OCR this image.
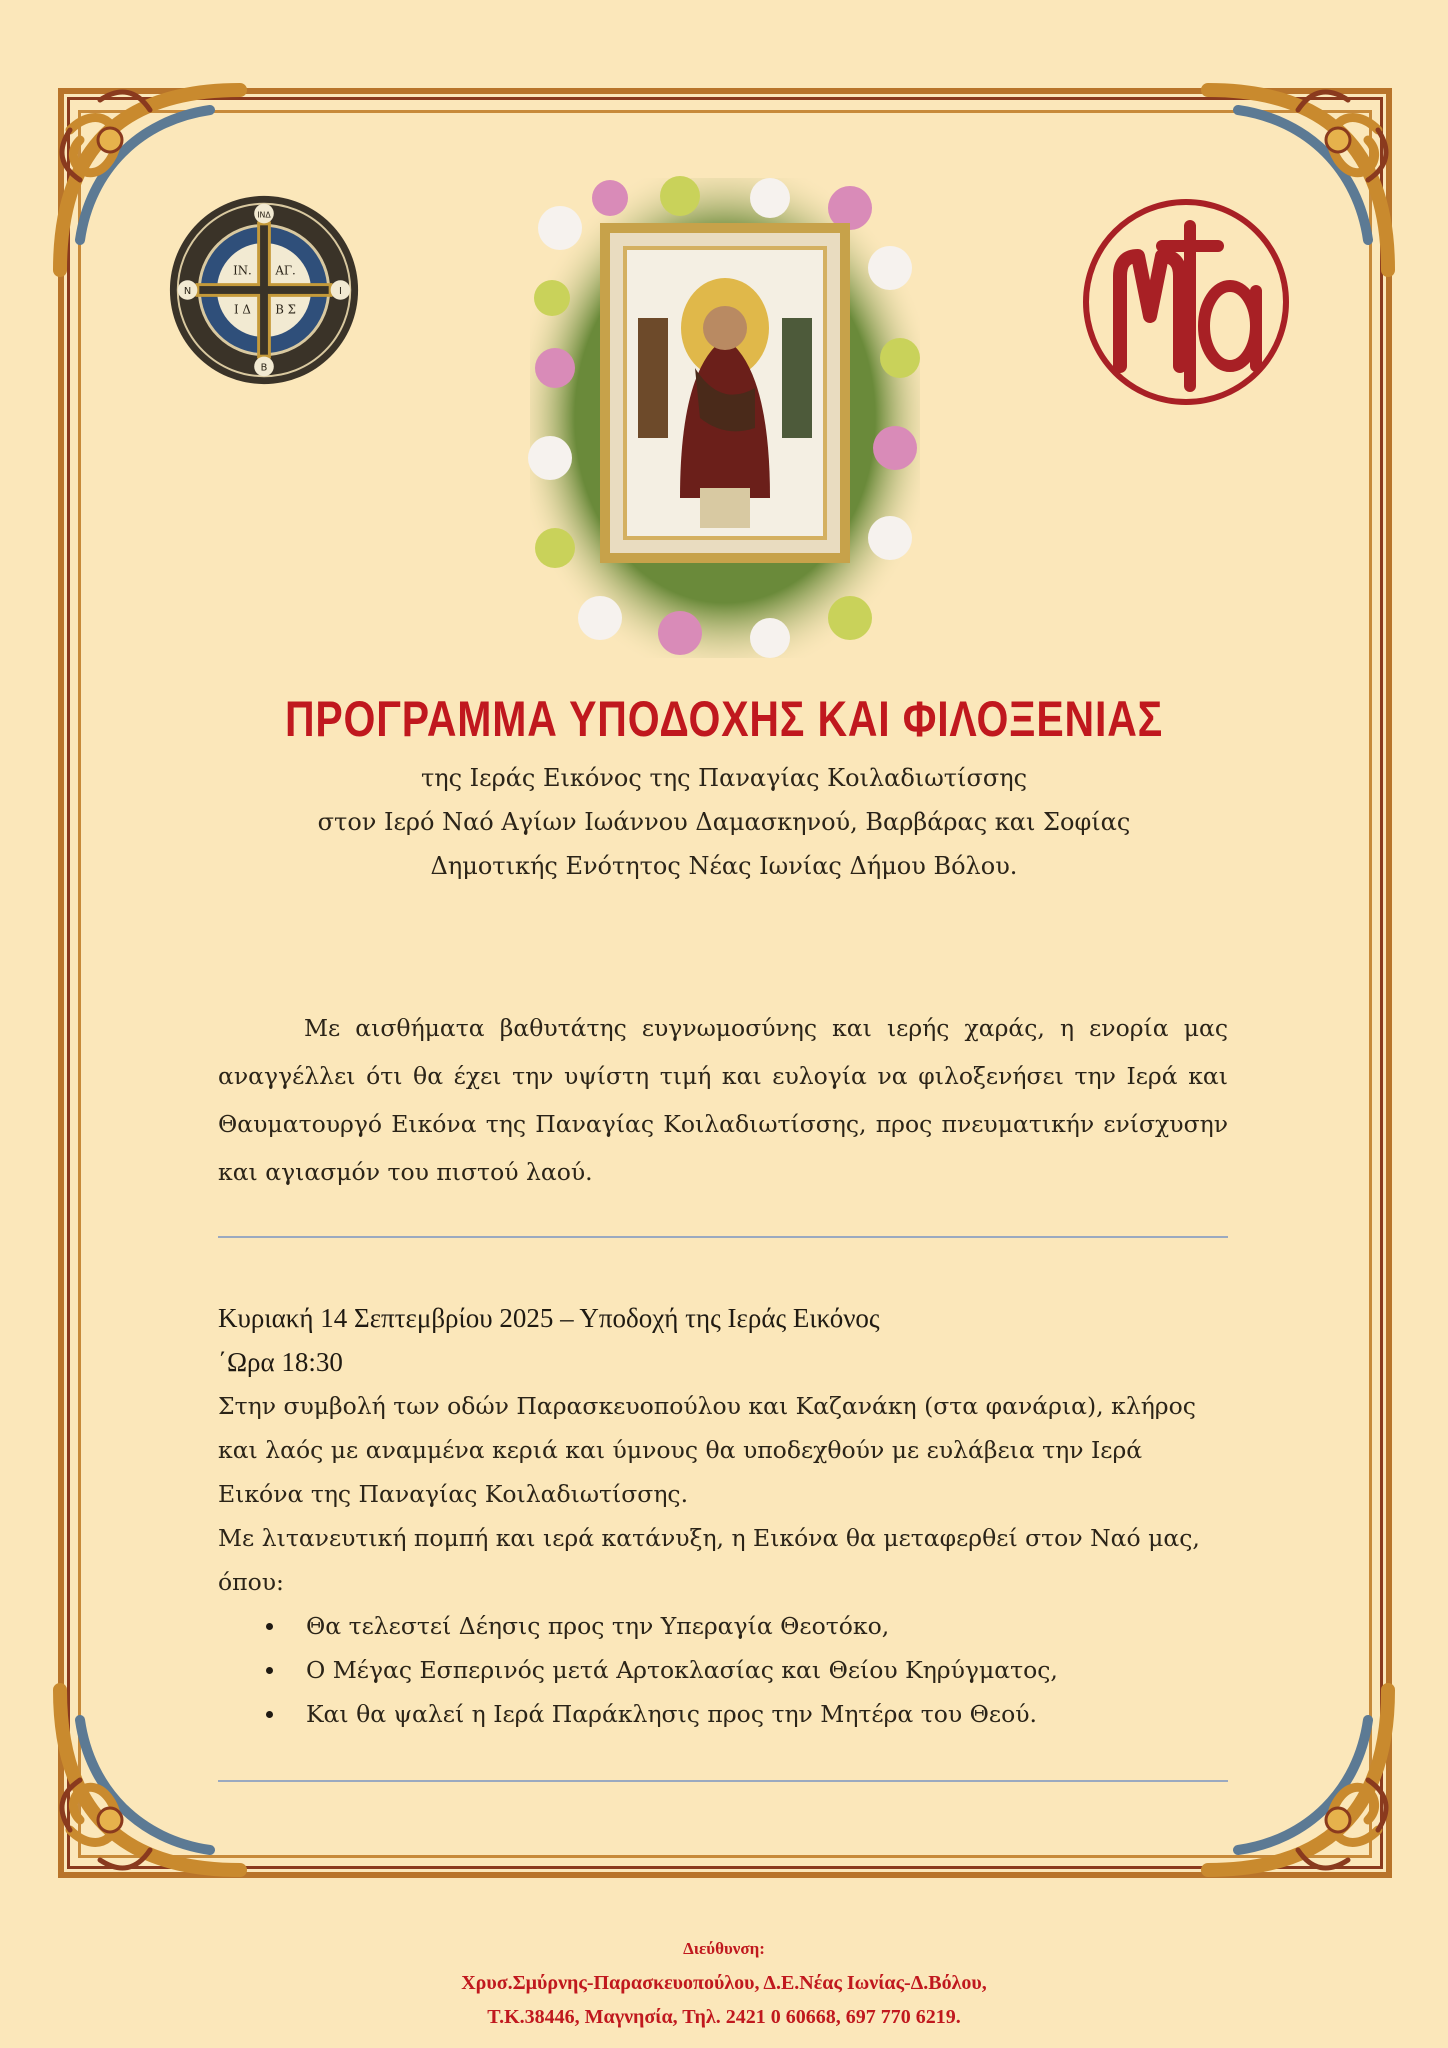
ΙΝ. ΑΓ.
Ι Δ Β Σ
ΙΝΔ
Ν	Ι
Β
ΠΡΟΓΡΑΜΜΑ ΥΠΟΔΟΧΗΣ ΚΑΙ ΦΙΛΟΞΕΝΙΑΣ
της Ιεράς Εικόνος της Παναγίας Κοιλαδιωτίσσης
στον Ιερό Ναό Αγίων Ιωάννου Δαμασκηνού, Βαρβάρας και Σοφίας
Δημοτικής Ενότητος Νέας Ιωνίας Δήμου Βόλου.

Με αισθήματα βαθυτάτης ευγνωμοσύνης και ιερής χαράς, η ενορία μας αναγγέλλει ότι θα έχει την υψίστη τιμή και ευλογία να φιλοξενήσει την Ιερά και Θαυματουργό Εικόνα της Παναγίας Κοιλαδιωτίσσης, προς πνευματικήν ενίσχυσην και αγιασμόν του πιστού λαού.

Κυριακή 14 Σεπτεμβρίου 2025 – Υποδοχή της Ιεράς Εικόνος

΄Ωρα 18:30

Στην συμβολή των οδών Παρασκευοπούλου και Καζανάκη (στα φανάρια), κλήρος και λαός με αναμμένα κεριά και ύμνους θα υποδεχθούν με ευλάβεια την Ιερά Εικόνα της Παναγίας Κοιλαδιωτίσσης.

Με λιτανευτική πομπή και ιερά κατάνυξη, η Εικόνα θα μεταφερθεί στον Ναό μας, όπου:

Θα τελεστεί Δέησις προς την Υπεραγία Θεοτόκο,
Ο Μέγας Εσπερινός μετά Αρτοκλασίας και Θείου Κηρύγματος,
Και θα ψαλεί η Ιερά Παράκλησις προς την Μητέρα του Θεού.
Διεύθυνση:
Χρυσ.Σμύρνης-Παρασκευοπούλου, Δ.Ε.Νέας Ιωνίας-Δ.Βόλου,
Τ.Κ.38446, Μαγνησία, Τηλ. 2421 0 60668, 697 770 6219.
